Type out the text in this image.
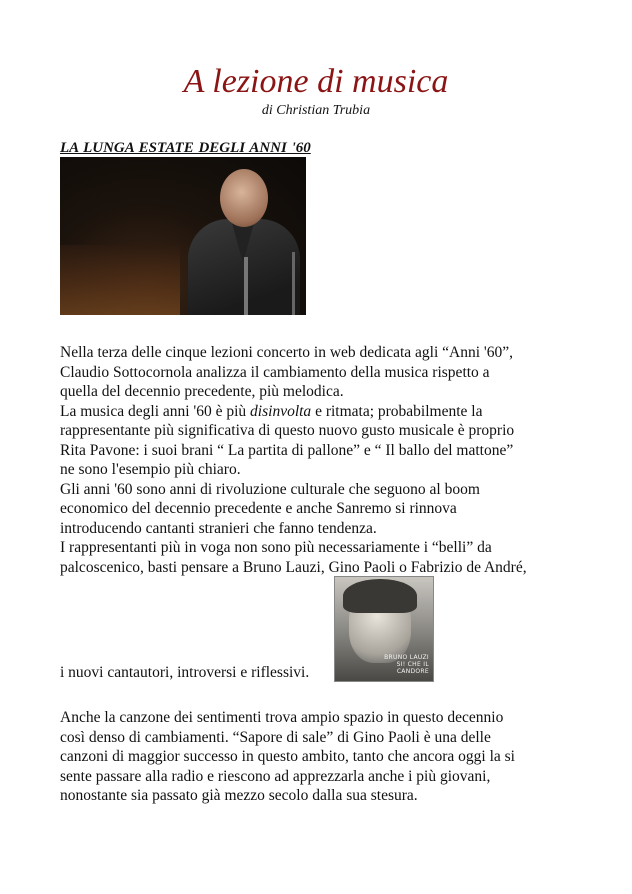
A lezione di musica
di Christian Trubia
LA LUNGA ESTATE DEGLI ANNI '60
Nella terza delle cinque lezioni concerto in web dedicata agli “Anni '60”,
Claudio Sottocornola analizza il cambiamento della musica rispetto a
quella del decennio precedente, più melodica.
La musica degli anni '60 è più disinvolta e ritmata; probabilmente la
rappresentante più significativa di questo nuovo gusto musicale è proprio
Rita Pavone: i suoi brani “ La partita di pallone” e “ Il ballo del mattone”
ne sono l'esempio più chiaro.
Gli anni '60 sono anni di rivoluzione culturale che seguono al boom
economico del decennio precedente e anche Sanremo si rinnova
introducendo cantanti stranieri che fanno tendenza.
I rappresentanti più in voga non sono più necessariamente i “belli” da
palcoscenico, basti pensare a Bruno Lauzi, Gino Paoli o Fabrizio de André,
i nuovi cantautori, introversi e riflessivi.
BRUNO LAUZI
SI! CHE IL CANDORE
Anche la canzone dei sentimenti trova ampio spazio in questo decennio
così denso di cambiamenti. “Sapore di sale” di Gino Paoli è una delle
canzoni di maggior successo in questo ambito, tanto che ancora oggi la si
sente passare alla radio e riescono ad apprezzarla anche i più giovani,
nonostante sia passato già mezzo secolo dalla sua stesura.
